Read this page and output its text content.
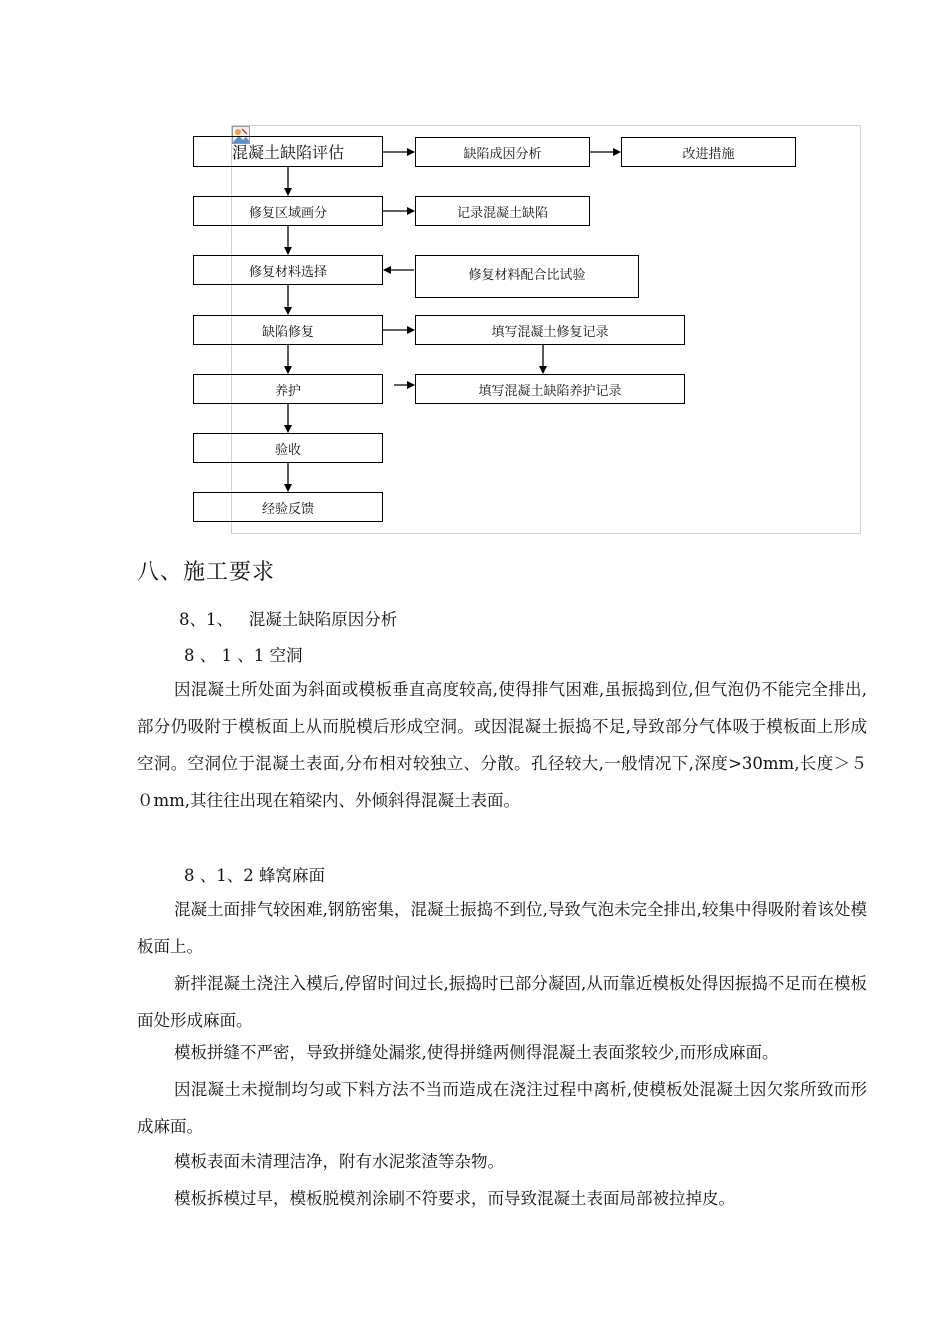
混凝土缺陷评估
修复区域画分
修复材料选择
缺陷修复
养护
验收
经验反馈
缺陷成因分析	改进措施
记录混凝土缺陷
修复材料配合比试验
填写混凝土修复记录
填写混凝土缺陷养护记录
八、施工要求
8、1、   混凝土缺陷原因分析
8 、 1 、1 空洞
因混凝土所处面为斜面或模板垂直高度较高,使得排气困难,虽振捣到位,但气泡仍不能完全排出,部分仍吸附于模板面上从而脱模后形成空洞。或因混凝土振捣不足,导致部分气体吸于模板面上形成空洞。空洞位于混凝土表面,分布相对较独立、分散。孔径较大,一般情况下,深度>30mm,长度＞５０mm,其往往出现在箱梁内、外倾斜得混凝土表面。
8 、1、2 蜂窝麻面
混凝土面排气较困难,钢筋密集，混凝土振捣不到位,导致气泡未完全排出,较集中得吸附着该处模板面上。
新拌混凝土浇注入模后,停留时间过长,振捣时已部分凝固,从而靠近模板处得因振捣不足而在模板面处形成麻面。
模板拼缝不严密，导致拼缝处漏浆,使得拼缝两侧得混凝土表面浆较少,而形成麻面。
因混凝土未搅制均匀或下料方法不当而造成在浇注过程中离析,使模板处混凝土因欠浆所致而形成麻面。
模板表面未清理洁净，附有水泥浆渣等杂物。
模板拆模过早，模板脱模剂涂刷不符要求，而导致混凝土表面局部被拉掉皮。
